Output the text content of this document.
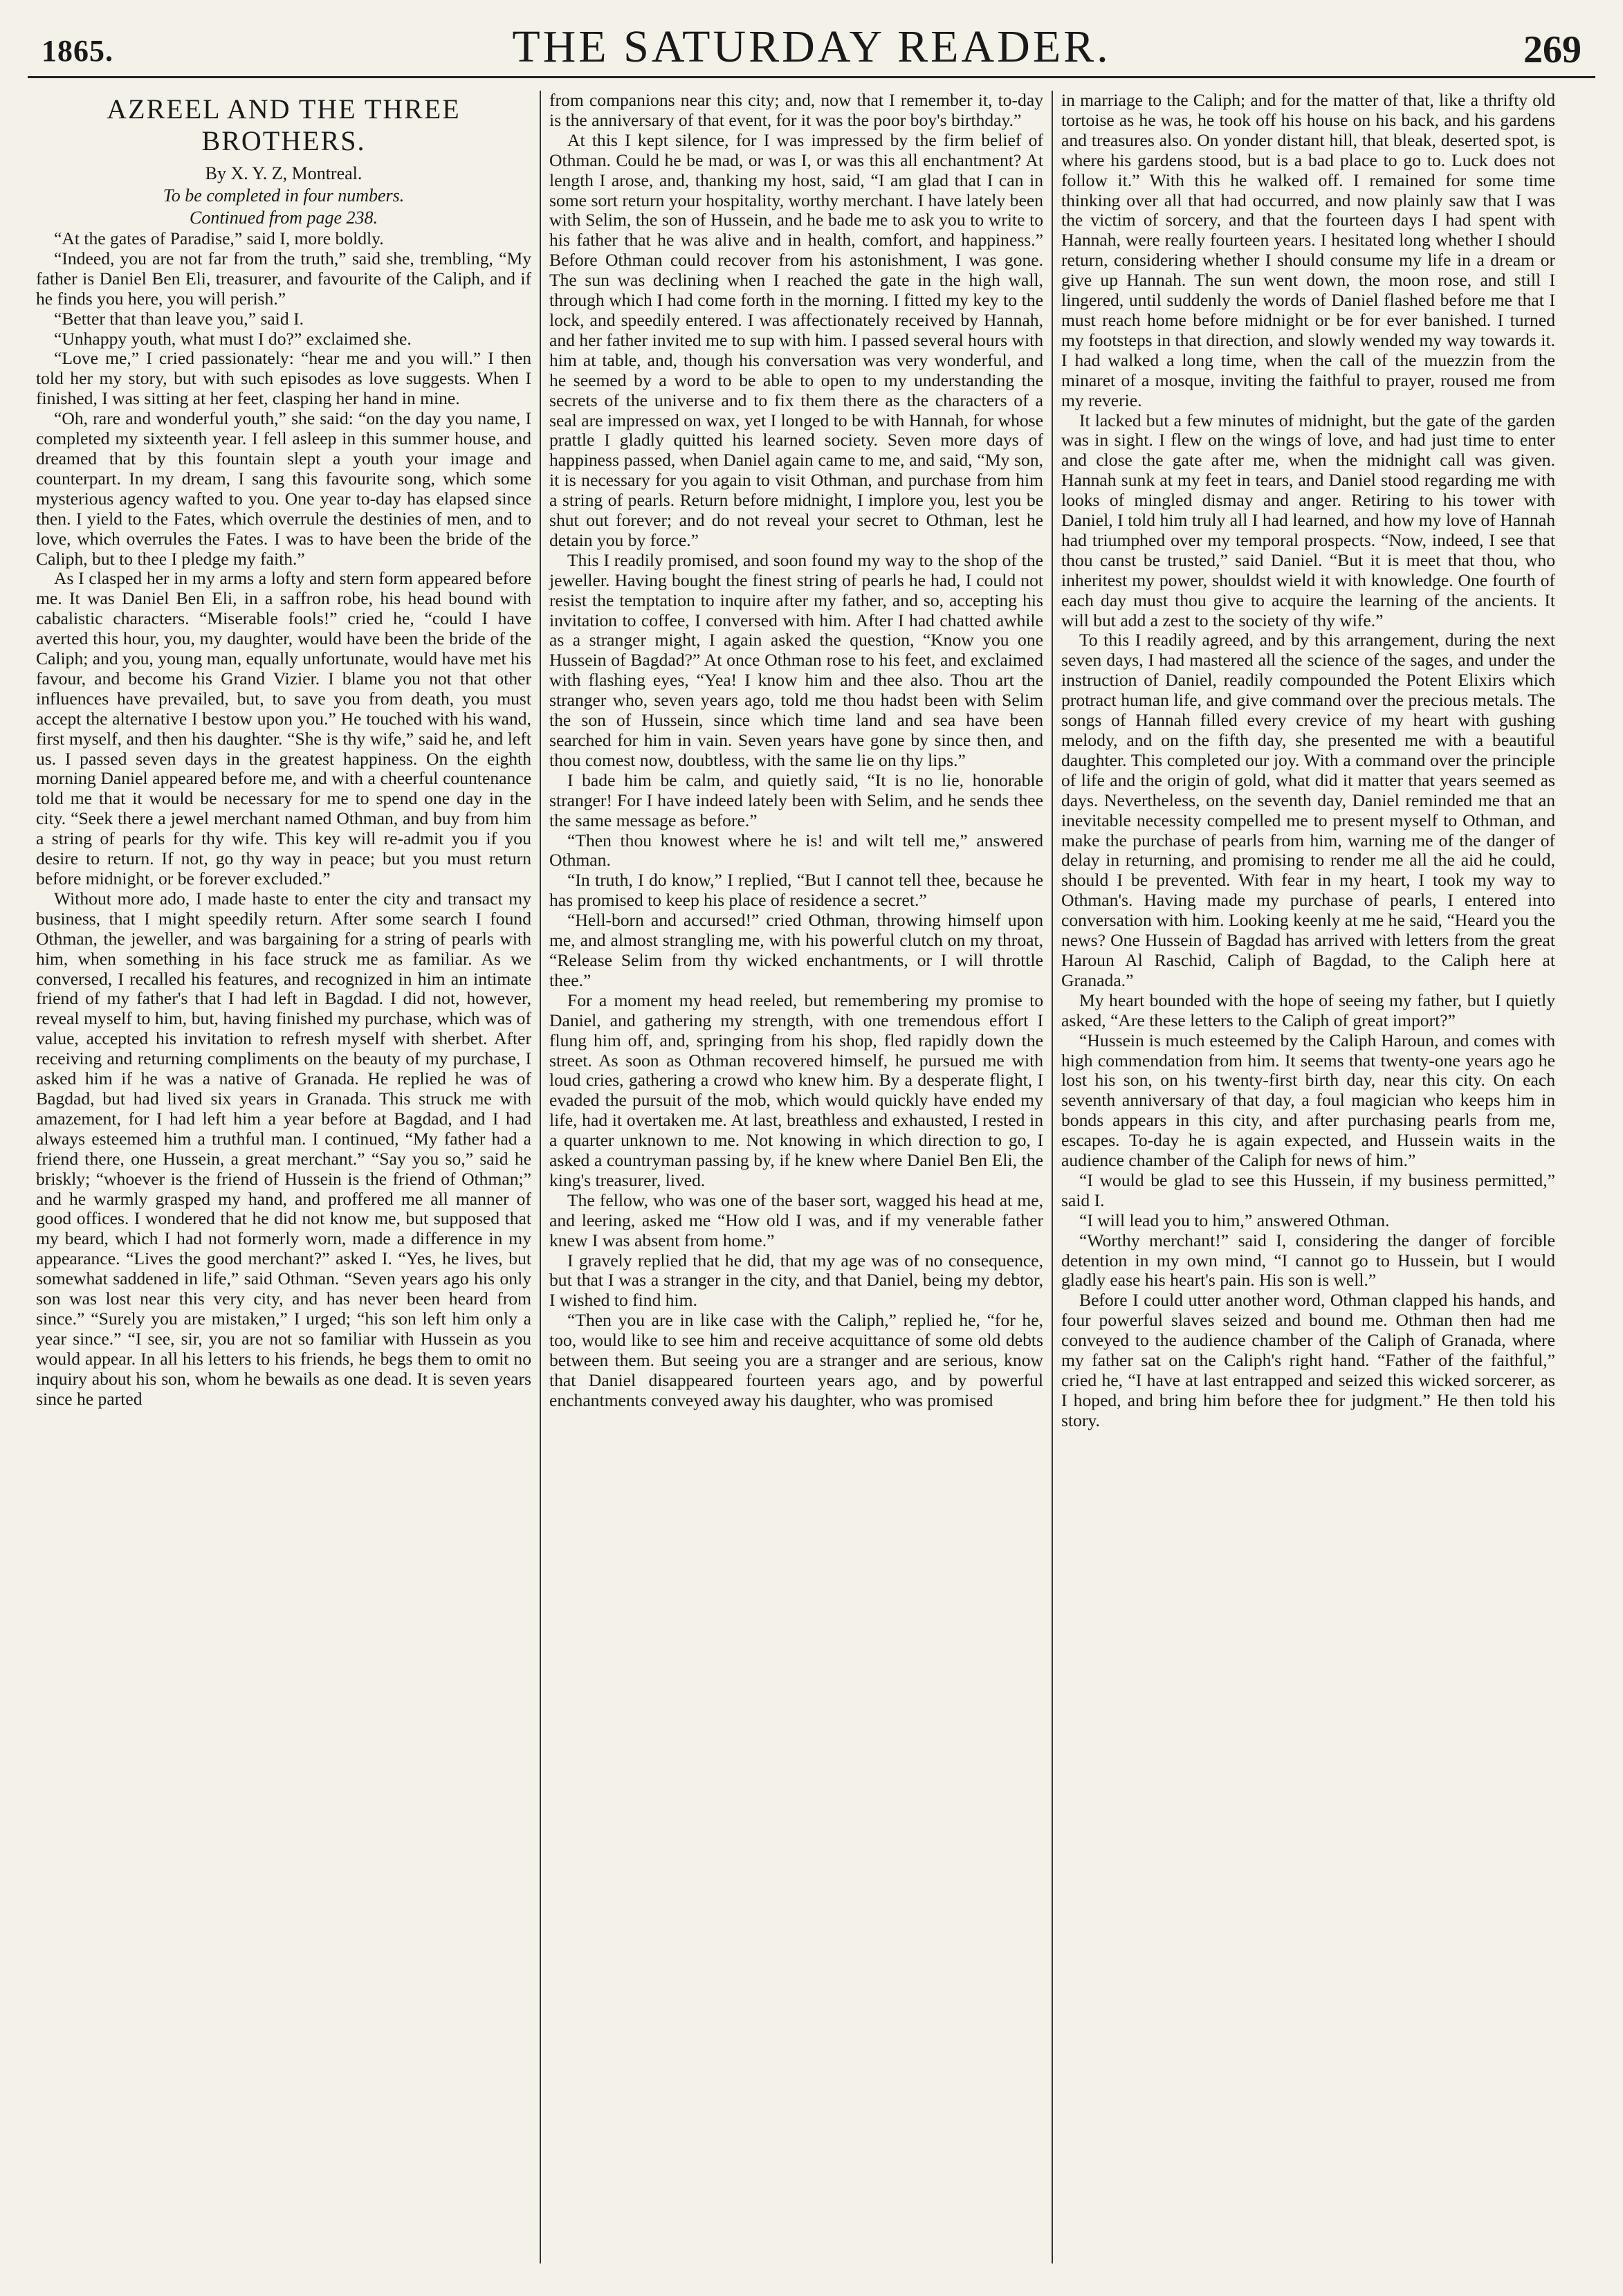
1865.	THE SATURDAY READER.	269
AZREEL AND THE THREE BROTHERS.
By X. Y. Z, Montreal.
To be completed in four numbers.
Continued from page 238.

“At the gates of Paradise,” said I, more boldly.

“Indeed, you are not far from the truth,” said she, trembling, “My father is Daniel Ben Eli, treasurer, and favourite of the Caliph, and if he finds you here, you will perish.”

“Better that than leave you,” said I.

“Unhappy youth, what must I do?” exclaimed she.

“Love me,” I cried passionately: “hear me and you will.” I then told her my story, but with such episodes as love suggests. When I finished, I was sitting at her feet, clasping her hand in mine.

“Oh, rare and wonderful youth,” she said: “on the day you name, I completed my sixteenth year. I fell asleep in this summer house, and dreamed that by this fountain slept a youth your image and counterpart. In my dream, I sang this favourite song, which some mysterious agency wafted to you. One year to-day has elapsed since then. I yield to the Fates, which overrule the destinies of men, and to love, which overrules the Fates. I was to have been the bride of the Caliph, but to thee I pledge my faith.”

As I clasped her in my arms a lofty and stern form appeared before me. It was Daniel Ben Eli, in a saffron robe, his head bound with cabalistic characters. “Miserable fools!” cried he, “could I have averted this hour, you, my daughter, would have been the bride of the Caliph; and you, young man, equally unfortunate, would have met his favour, and become his Grand Vizier. I blame you not that other influences have prevailed, but, to save you from death, you must accept the alternative I bestow upon you.” He touched with his wand, first myself, and then his daughter. “She is thy wife,” said he, and left us. I passed seven days in the greatest happiness. On the eighth morning Daniel appeared before me, and with a cheerful countenance told me that it would be necessary for me to spend one day in the city. “Seek there a jewel merchant named Othman, and buy from him a string of pearls for thy wife. This key will re-admit you if you desire to return. If not, go thy way in peace; but you must return before midnight, or be forever excluded.”

Without more ado, I made haste to enter the city and transact my business, that I might speedily return. After some search I found Othman, the jeweller, and was bargaining for a string of pearls with him, when something in his face struck me as familiar. As we conversed, I recalled his features, and recognized in him an intimate friend of my father's that I had left in Bagdad. I did not, however, reveal myself to him, but, having finished my purchase, which was of value, accepted his invitation to refresh myself with sherbet. After receiving and returning compliments on the beauty of my purchase, I asked him if he was a native of Granada. He replied he was of Bagdad, but had lived six years in Granada. This struck me with amazement, for I had left him a year before at Bagdad, and I had always esteemed him a truthful man. I continued, “My father had a friend there, one Hussein, a great merchant.” “Say you so,” said he briskly; “whoever is the friend of Hussein is the friend of Othman;” and he warmly grasped my hand, and proffered me all manner of good offices. I wondered that he did not know me, but supposed that my beard, which I had not formerly worn, made a difference in my appearance. “Lives the good merchant?” asked I. “Yes, he lives, but somewhat saddened in life,” said Othman. “Seven years ago his only son was lost near this very city, and has never been heard from since.” “Surely you are mistaken,” I urged; “his son left him only a year since.” “I see, sir, you are not so familiar with Hussein as you would appear. In all his letters to his friends, he begs them to omit no inquiry about his son, whom he bewails as one dead. It is seven years since he parted

from companions near this city; and, now that I remember it, to-day is the anniversary of that event, for it was the poor boy's birthday.”

At this I kept silence, for I was impressed by the firm belief of Othman. Could he be mad, or was I, or was this all enchantment? At length I arose, and, thanking my host, said, “I am glad that I can in some sort return your hospitality, worthy merchant. I have lately been with Selim, the son of Hussein, and he bade me to ask you to write to his father that he was alive and in health, comfort, and happiness.” Before Othman could recover from his astonishment, I was gone. The sun was declining when I reached the gate in the high wall, through which I had come forth in the morning. I fitted my key to the lock, and speedily entered. I was affectionately received by Hannah, and her father invited me to sup with him. I passed several hours with him at table, and, though his conversation was very wonderful, and he seemed by a word to be able to open to my understanding the secrets of the universe and to fix them there as the characters of a seal are impressed on wax, yet I longed to be with Hannah, for whose prattle I gladly quitted his learned society. Seven more days of happiness passed, when Daniel again came to me, and said, “My son, it is necessary for you again to visit Othman, and purchase from him a string of pearls. Return before midnight, I implore you, lest you be shut out forever; and do not reveal your secret to Othman, lest he detain you by force.”

This I readily promised, and soon found my way to the shop of the jeweller. Having bought the finest string of pearls he had, I could not resist the temptation to inquire after my father, and so, accepting his invitation to coffee, I conversed with him. After I had chatted awhile as a stranger might, I again asked the question, “Know you one Hussein of Bagdad?” At once Othman rose to his feet, and exclaimed with flashing eyes, “Yea! I know him and thee also. Thou art the stranger who, seven years ago, told me thou hadst been with Selim the son of Hussein, since which time land and sea have been searched for him in vain. Seven years have gone by since then, and thou comest now, doubtless, with the same lie on thy lips.”

I bade him be calm, and quietly said, “It is no lie, honorable stranger! For I have indeed lately been with Selim, and he sends thee the same message as before.”

“Then thou knowest where he is! and wilt tell me,” answered Othman.

“In truth, I do know,” I replied, “But I cannot tell thee, because he has promised to keep his place of residence a secret.”

“Hell-born and accursed!” cried Othman, throwing himself upon me, and almost strangling me, with his powerful clutch on my throat, “Release Selim from thy wicked enchantments, or I will throttle thee.”

For a moment my head reeled, but remembering my promise to Daniel, and gathering my strength, with one tremendous effort I flung him off, and, springing from his shop, fled rapidly down the street. As soon as Othman recovered himself, he pursued me with loud cries, gathering a crowd who knew him. By a desperate flight, I evaded the pursuit of the mob, which would quickly have ended my life, had it overtaken me. At last, breathless and exhausted, I rested in a quarter unknown to me. Not knowing in which direction to go, I asked a countryman passing by, if he knew where Daniel Ben Eli, the king's treasurer, lived.

The fellow, who was one of the baser sort, wagged his head at me, and leering, asked me “How old I was, and if my venerable father knew I was absent from home.”

I gravely replied that he did, that my age was of no consequence, but that I was a stranger in the city, and that Daniel, being my debtor, I wished to find him.

“Then you are in like case with the Caliph,” replied he, “for he, too, would like to see him and receive acquittance of some old debts between them. But seeing you are a stranger and are serious, know that Daniel disappeared fourteen years ago, and by powerful enchantments conveyed away his daughter, who was promised

in marriage to the Caliph; and for the matter of that, like a thrifty old tortoise as he was, he took off his house on his back, and his gardens and treasures also. On yonder distant hill, that bleak, deserted spot, is where his gardens stood, but is a bad place to go to. Luck does not follow it.” With this he walked off. I remained for some time thinking over all that had occurred, and now plainly saw that I was the victim of sorcery, and that the fourteen days I had spent with Hannah, were really fourteen years. I hesitated long whether I should return, considering whether I should consume my life in a dream or give up Hannah. The sun went down, the moon rose, and still I lingered, until suddenly the words of Daniel flashed before me that I must reach home before midnight or be for ever banished. I turned my footsteps in that direction, and slowly wended my way towards it. I had walked a long time, when the call of the muezzin from the minaret of a mosque, inviting the faithful to prayer, roused me from my reverie.

It lacked but a few minutes of midnight, but the gate of the garden was in sight. I flew on the wings of love, and had just time to enter and close the gate after me, when the midnight call was given. Hannah sunk at my feet in tears, and Daniel stood regarding me with looks of mingled dismay and anger. Retiring to his tower with Daniel, I told him truly all I had learned, and how my love of Hannah had triumphed over my temporal prospects. “Now, indeed, I see that thou canst be trusted,” said Daniel. “But it is meet that thou, who inheritest my power, shouldst wield it with knowledge. One fourth of each day must thou give to acquire the learning of the ancients. It will but add a zest to the society of thy wife.”

To this I readily agreed, and by this arrangement, during the next seven days, I had mastered all the science of the sages, and under the instruction of Daniel, readily compounded the Potent Elixirs which protract human life, and give command over the precious metals. The songs of Hannah filled every crevice of my heart with gushing melody, and on the fifth day, she presented me with a beautiful daughter. This completed our joy. With a command over the principle of life and the origin of gold, what did it matter that years seemed as days. Nevertheless, on the seventh day, Daniel reminded me that an inevitable necessity compelled me to present myself to Othman, and make the purchase of pearls from him, warning me of the danger of delay in returning, and promising to render me all the aid he could, should I be prevented. With fear in my heart, I took my way to Othman's. Having made my purchase of pearls, I entered into conversation with him. Looking keenly at me he said, “Heard you the news? One Hussein of Bagdad has arrived with letters from the great Haroun Al Raschid, Caliph of Bagdad, to the Caliph here at Granada.”

My heart bounded with the hope of seeing my father, but I quietly asked, “Are these letters to the Caliph of great import?”

“Hussein is much esteemed by the Caliph Haroun, and comes with high commendation from him. It seems that twenty-one years ago he lost his son, on his twenty-first birth day, near this city. On each seventh anniversary of that day, a foul magician who keeps him in bonds appears in this city, and after purchasing pearls from me, escapes. To-day he is again expected, and Hussein waits in the audience chamber of the Caliph for news of him.”

“I would be glad to see this Hussein, if my business permitted,” said I.

“I will lead you to him,” answered Othman.

“Worthy merchant!” said I, considering the danger of forcible detention in my own mind, “I cannot go to Hussein, but I would gladly ease his heart's pain. His son is well.”

Before I could utter another word, Othman clapped his hands, and four powerful slaves seized and bound me. Othman then had me conveyed to the audience chamber of the Caliph of Granada, where my father sat on the Caliph's right hand. “Father of the faithful,” cried he, “I have at last entrapped and seized this wicked sorcerer, as I hoped, and bring him before thee for judgment.” He then told his story.
